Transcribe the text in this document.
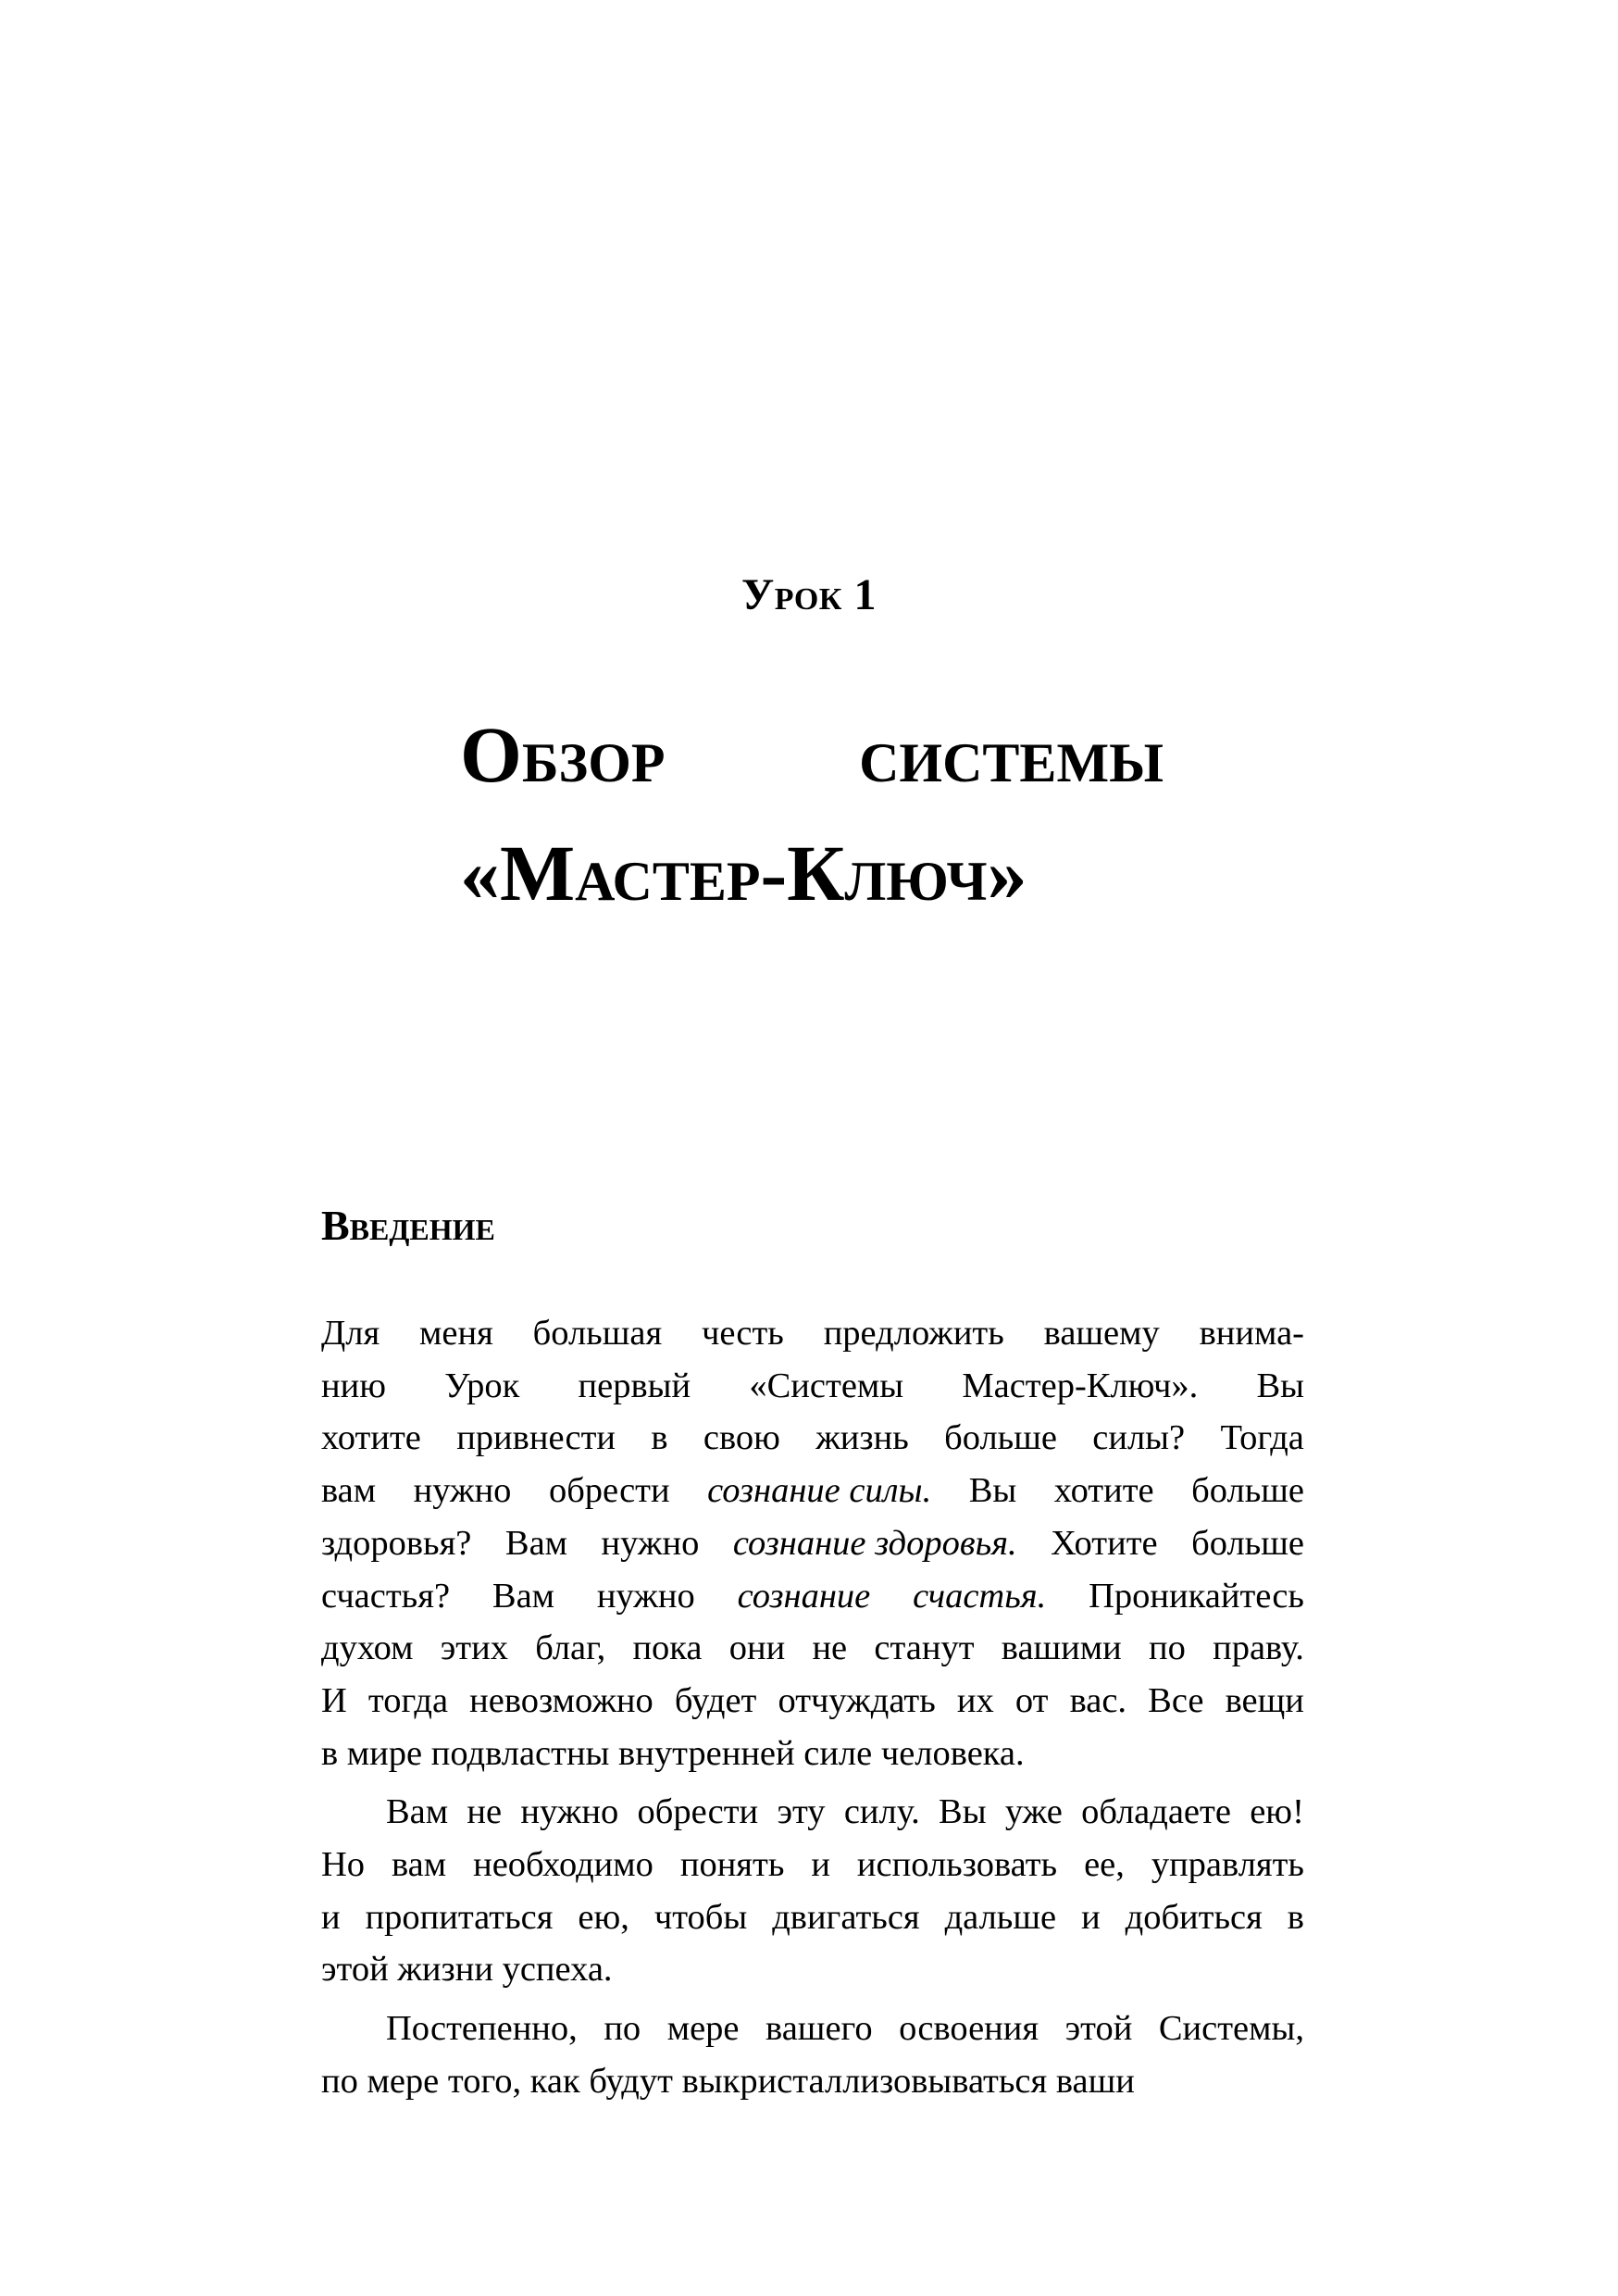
Урок 1
Обзор системы
«Мастер-Ключ»
Введение
Для меня большая честь предложить вашему внима-
нию Урок первый «Системы Мастер-Ключ». Вы
хотите привнести в свою жизнь больше силы? Тогда
вам нужно обрести сознание силы. Вы хотите больше
здоровья? Вам нужно сознание здоровья. Хотите больше
счастья? Вам нужно сознание счастья. Проникайтесь
духом этих благ, пока они не станут вашими по праву.
И тогда невозможно будет отчуждать их от вас. Все вещи
в мире подвластны внутренней силе человека.
Вам не нужно обрести эту силу. Вы уже обладаете ею!
Но вам необходимо понять и использовать ее, управлять
и пропитаться ею, чтобы двигаться дальше и добиться в
этой жизни успеха.
Постепенно, по мере вашего освоения этой Системы,
по мере того, как будут выкристаллизовываться ваши
